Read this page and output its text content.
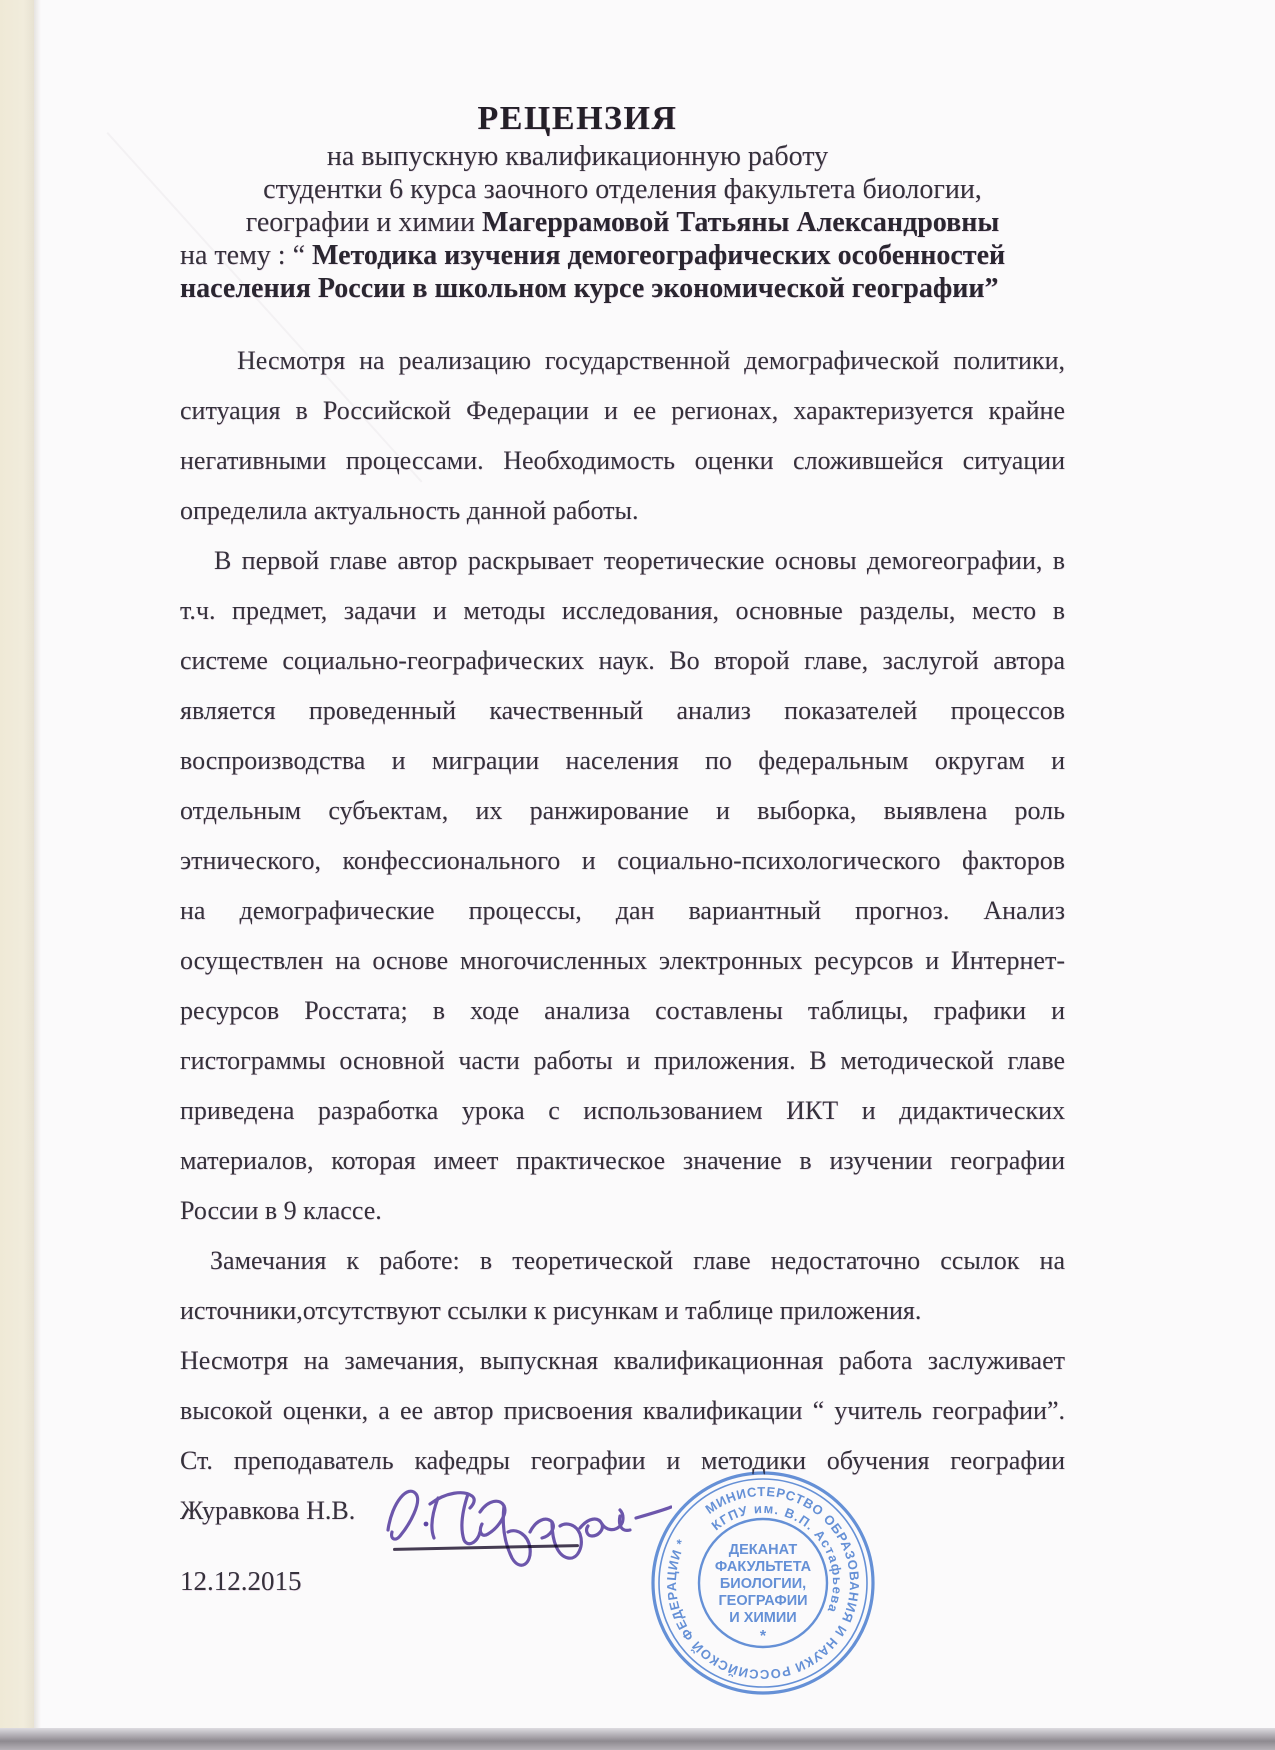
РЕЦЕНЗИЯ
на выпускную квалификационную работу
студентки 6 курса заочного отделения факультета биологии,
географии и химии Магеррамовой Татьяны Александровны
на тему : “ Методика изучения демогеографических особенностей
населения России в школьном курсе экономической географии”
Несмотря на реализацию государственной демографической политики,
ситуация в Российской Федерации и ее регионах, характеризуется крайне
негативными процессами. Необходимость оценки сложившейся ситуации
определила актуальность данной работы.
В первой главе автор раскрывает теоретические основы демогеографии, в
т.ч. предмет, задачи и методы исследования, основные разделы, место в
системе социально-географических наук. Во второй главе, заслугой автора
является проведенный качественный анализ показателей процессов
воспроизводства и миграции населения по федеральным округам и
отдельным субъектам, их ранжирование и выборка, выявлена роль
этнического, конфессионального и социально-психологического факторов
на демографические процессы, дан вариантный прогноз. Анализ
осуществлен на основе многочисленных электронных ресурсов и Интернет-
ресурсов Росстата; в ходе анализа составлены таблицы, графики и
гистограммы основной части работы и приложения. В методической главе
приведена разработка урока с использованием ИКТ и дидактических
материалов, которая имеет практическое значение в изучении географии
России в 9 классе.
Замечания к работе: в теоретической главе недостаточно ссылок на
источники,отсутствуют ссылки к рисункам и таблице приложения.
Несмотря на замечания, выпускная квалификационная работа заслуживает
высокой оценки, а ее автор присвоения квалификации “ учитель географии”.
Ст. преподаватель кафедры географии и методики обучения географии
Журавкова Н.В.
12.12.2015
МИНИСТЕРСТВО ОБРАЗОВАНИЯ И НАУКИ РОССИЙСКОЙ ФЕДЕРАЦИИ *
КГПУ им. В.П. Астафьева
ДЕКАНАТ
ФАКУЛЬТЕТА
БИОЛОГИИ,
ГЕОГРАФИИ
И ХИМИИ
*
